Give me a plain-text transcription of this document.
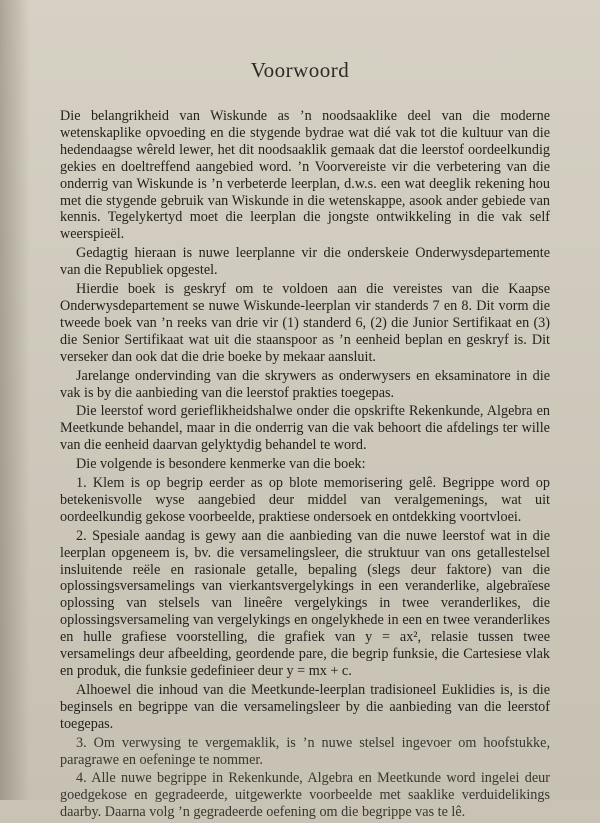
Voorwoord

Die belangrikheid van Wiskunde as ’n noodsaaklike deel van die moderne wetenskaplike opvoeding en die stygende bydrae wat dié vak tot die kultuur van die hedendaagse wêreld lewer, het dit noodsaaklik gemaak dat die leerstof oordeelkundig gekies en doeltreffend aangebied word. ’n Voorvereiste vir die verbetering van die onderrig van Wiskunde is ’n verbeterde leerplan, d.w.s. een wat deeglik rekening hou met die stygende gebruik van Wiskunde in die wetenskappe, asook ander gebiede van kennis. Tegelykertyd moet die leerplan die jongste ontwikkeling in die vak self weerspieël.

Gedagtig hieraan is nuwe leerplanne vir die onderskeie Onderwysdepartemente van die Republiek opgestel.

Hierdie boek is geskryf om te voldoen aan die vereistes van die Kaapse Onderwysdepartement se nuwe Wiskunde-leerplan vir standerds 7 en 8. Dit vorm die tweede boek van ’n reeks van drie vir (1) standerd 6, (2) die Junior Sertifikaat en (3) die Senior Sertifikaat wat uit die staanspoor as ’n eenheid beplan en geskryf is. Dit verseker dan ook dat die drie boeke by mekaar aansluit.

Jarelange ondervinding van die skrywers as onderwysers en eksaminatore in die vak is by die aanbieding van die leerstof prakties toegepas.

Die leerstof word gerieflikheidshalwe onder die opskrifte Rekenkunde, Algebra en Meetkunde behandel, maar in die onderrig van die vak behoort die afdelings ter wille van die eenheid daarvan gelyktydig behandel te word.

Die volgende is besondere kenmerke van die boek:

1. Klem is op begrip eerder as op blote memorisering gelê. Begrippe word op betekenisvolle wyse aangebied deur middel van veralgemenings, wat uit oordeelkundig gekose voorbeelde, praktiese ondersoek en ontdekking voortvloei.

2. Spesiale aandag is gewy aan die aanbieding van die nuwe leerstof wat in die leerplan opgeneem is, bv. die versamelingsleer, die struktuur van ons getallestelsel insluitende reële en rasionale getalle, bepaling (slegs deur faktore) van die oplossingsversamelings van vierkantsvergelykings in een veranderlike, algebraïese oplossing van stelsels van lineêre vergelykings in twee veranderlikes, die oplossingsversameling van vergelykings en ongelykhede in een en twee veranderlikes en hulle grafiese voorstelling, die grafiek van y = ax², relasie tussen twee versamelings deur afbeelding, geordende pare, die begrip funksie, die Cartesiese vlak en produk, die funksie gedefinieer deur y = mx + c.

Alhoewel die inhoud van die Meetkunde-leerplan tradisioneel Euklidies is, is die beginsels en begrippe van die versamelingsleer by die aanbieding van die leerstof toegepas.

3. Om verwysing te vergemaklik, is ’n nuwe stelsel ingevoer om hoofstukke, paragrawe en oefeninge te nommer.

4. Alle nuwe begrippe in Rekenkunde, Algebra en Meetkunde word ingelei deur goedgekose en gegradeerde, uitgewerkte voorbeelde met saaklike verduidelikings daarby. Daarna volg ’n gegradeerde oefening om die begrippe vas te lê.
